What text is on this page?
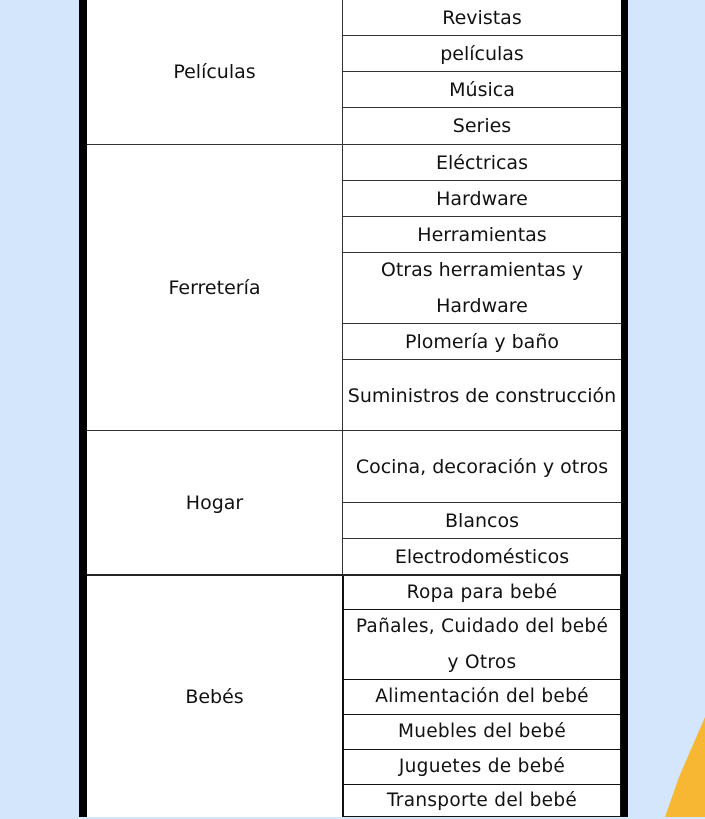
Películas
Revistas
películas
Música
Series
Ferretería
Eléctricas
Hardware
Herramientas
Otras herramientas y Hardware
Plomería y baño
Suministros de construcción
Hogar
Cocina, decoración y otros
Blancos
Electrodomésticos
Bebés
Ropa para bebé
Pañales, Cuidado del bebé y Otros
Alimentación del bebé
Muebles del bebé
Juguetes de bebé
Transporte del bebé
